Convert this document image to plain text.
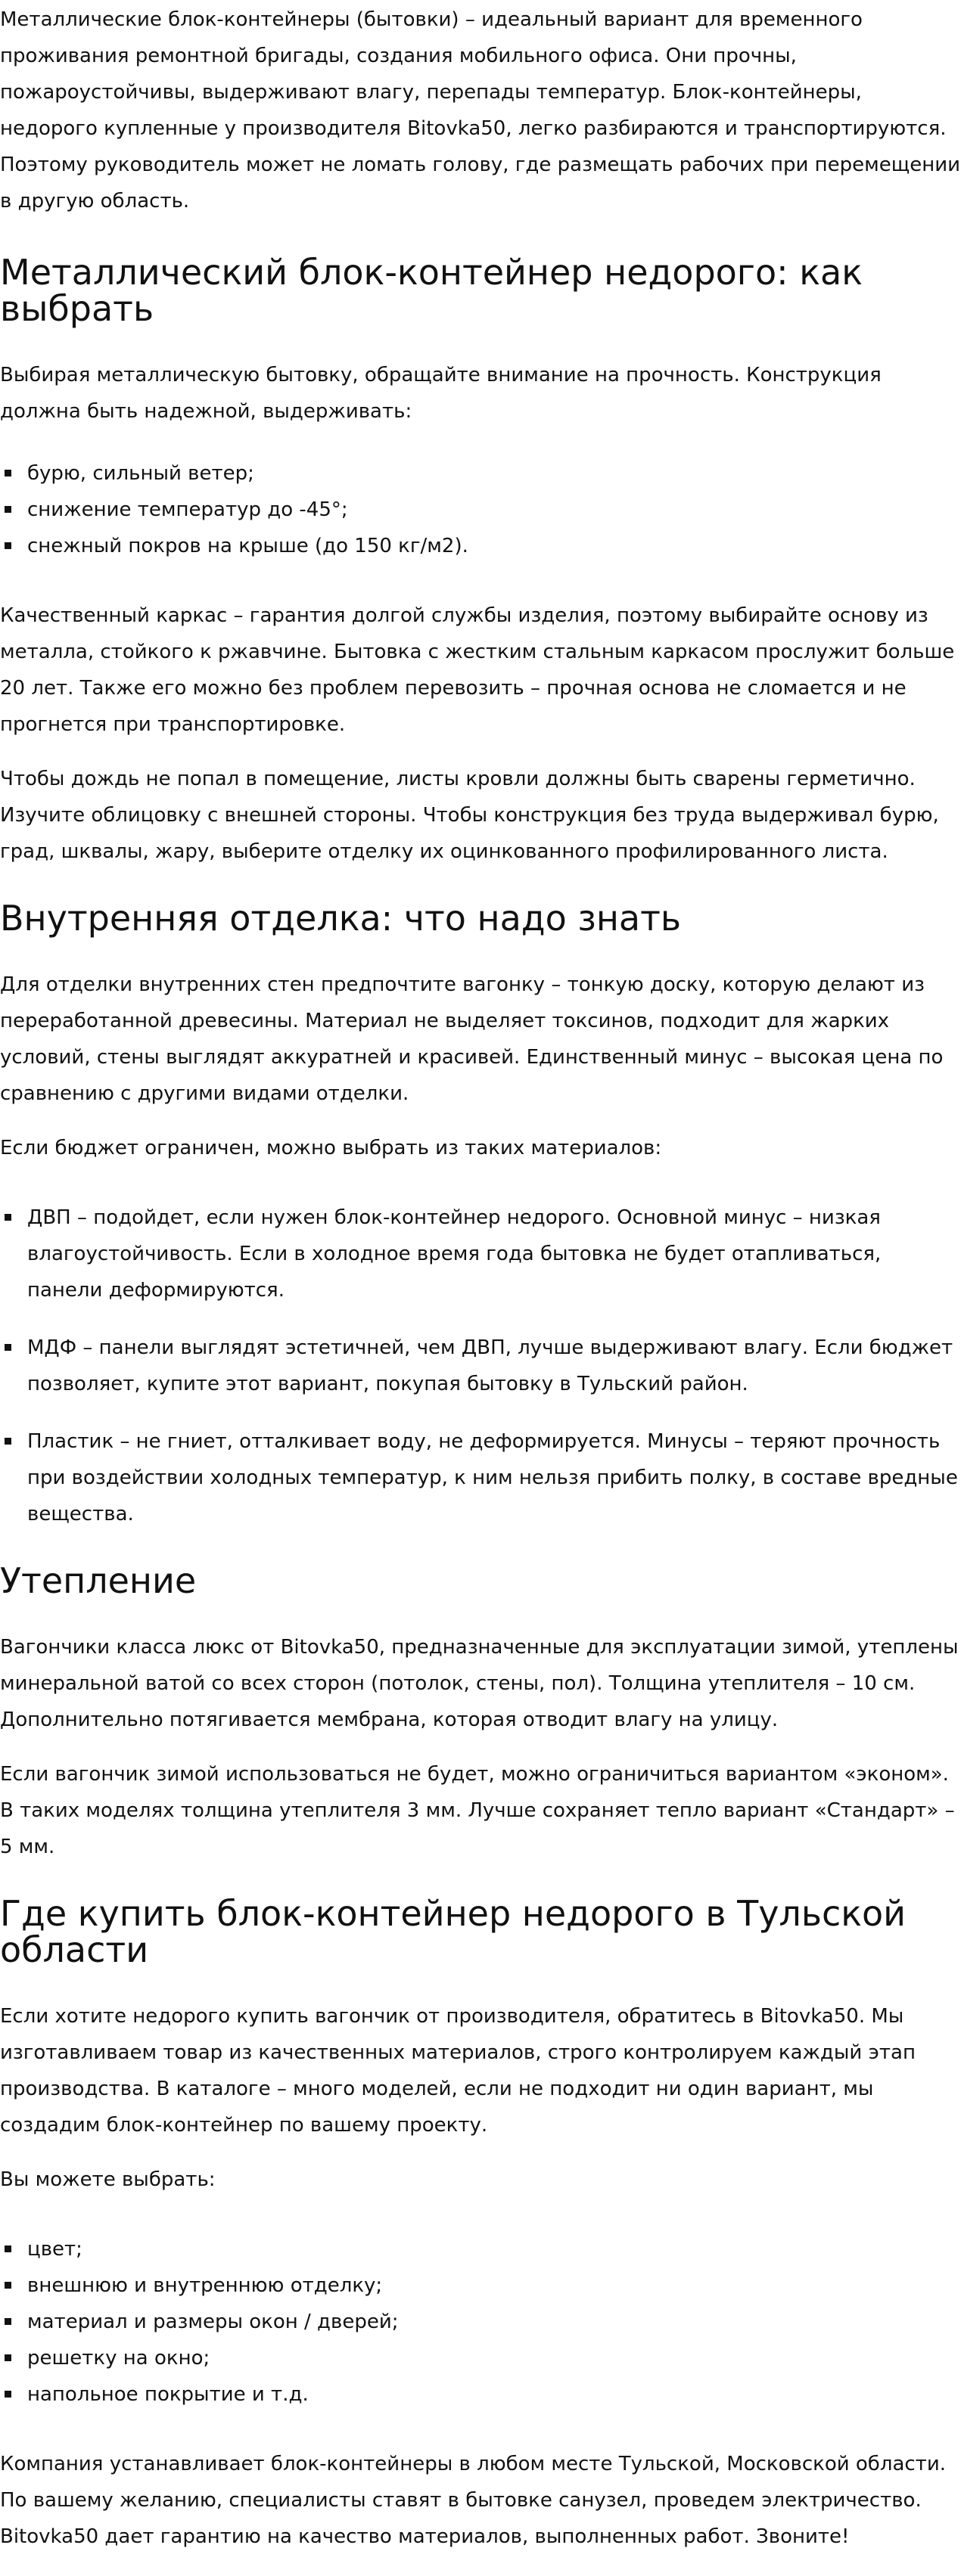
Металлические блок-контейнеры (бытовки) – идеальный вариант для временного проживания ремонтной бригады, создания мобильного офиса. Они прочны, пожароустойчивы, выдерживают влагу, перепады температур. Блок-контейнеры, недорого купленные у производителя Bitovka50, легко разбираются и транспортируются. Поэтому руководитель может не ломать голову, где размещать рабочих при перемещении в другую область.

Металлический блок-контейнер недорого: как выбрать

Выбирая металлическую бытовку, обращайте внимание на прочность. Конструкция должна быть надежной, выдерживать:

бурю, сильный ветер;
снижение температур до -45°;
снежный покров на крыше (до 150 кг/м2).

Качественный каркас – гарантия долгой службы изделия, поэтому выбирайте основу из металла, стойкого к ржавчине. Бытовка с жестким стальным каркасом прослужит больше 20 лет. Также его можно без проблем перевозить – прочная основа не сломается и не прогнется при транспортировке.

Чтобы дождь не попал в помещение, листы кровли должны быть сварены герметично. Изучите облицовку с внешней стороны. Чтобы конструкция без труда выдерживал бурю, град, шквалы, жару, выберите отделку их оцинкованного профилированного листа.

Внутренняя отделка: что надо знать

Для отделки внутренних стен предпочтите вагонку – тонкую доску, которую делают из переработанной древесины. Материал не выделяет токсинов, подходит для жарких условий, стены выглядят аккуратней и красивей. Единственный минус – высокая цена по сравнению с другими видами отделки.

Если бюджет ограничен, можно выбрать из таких материалов:

ДВП – подойдет, если нужен блок-контейнер недорого. Основной минус – низкая влагоустойчивость. Если в холодное время года бытовка не будет отапливаться, панели деформируются.
МДФ – панели выглядят эстетичней, чем ДВП, лучше выдерживают влагу. Если бюджет позволяет, купите этот вариант, покупая бытовку в Тульский район.
Пластик – не гниет, отталкивает воду, не деформируется. Минусы – теряют прочность при воздействии холодных температур, к ним нельзя прибить полку, в составе вредные вещества.
Утепление

Вагончики класса люкс от Bitovka50, предназначенные для эксплуатации зимой, утеплены минеральной ватой со всех сторон (потолок, стены, пол). Толщина утеплителя – 10 см. Дополнительно потягивается мембрана, которая отводит влагу на улицу.

Если вагончик зимой использоваться не будет, можно ограничиться вариантом «эконом». В таких моделях толщина утеплителя 3 мм. Лучше сохраняет тепло вариант «Стандарт» – 5 мм.

Где купить блок-контейнер недорого в Тульской области

Если хотите недорого купить вагончик от производителя, обратитесь в Bitovka50. Мы изготавливаем товар из качественных материалов, строго контролируем каждый этап производства. В каталоге – много моделей, если не подходит ни один вариант, мы создадим блок-контейнер по вашему проекту.

Вы можете выбрать:

цвет;
внешнюю и внутреннюю отделку;
материал и размеры окон / дверей;
решетку на окно;
напольное покрытие и т.д.

Компания устанавливает блок-контейнеры в любом месте Тульской, Московской области. По вашему желанию, специалисты ставят в бытовке санузел, проведем электричество. Bitovka50 дает гарантию на качество материалов, выполненных работ. Звоните!
